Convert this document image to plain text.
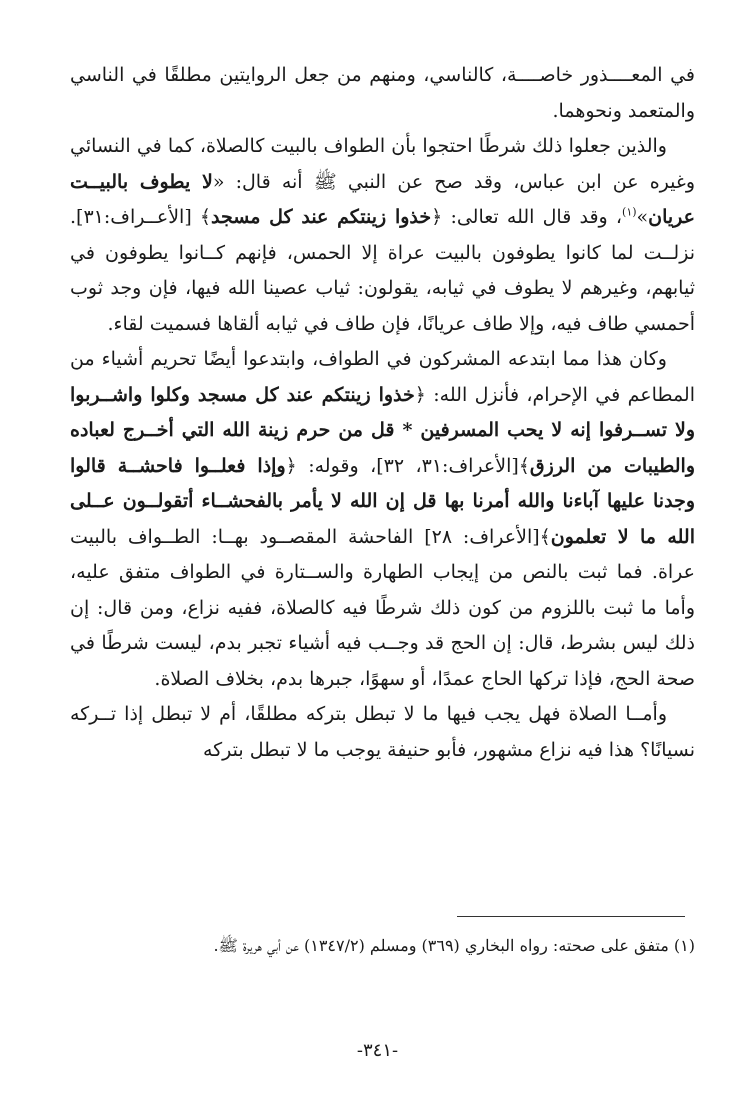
في المعــــذور خاصــــة، كالناسي، ومنهم من جعل الروايتين مطلقًا في الناسي والمتعمد ونحوهما.

والذين جعلوا ذلك شرطًا احتجوا بأن الطواف بالبيت كالصلاة، كما في النسائي وغيره عن ابن عباس، وقد صح عن النبي ﷺ أنه قال: «لا يطوف بالبيــت عريان»$^{(١)}$، وقد قال الله تعالى: ﴿خذوا زينتكم عند كل مسجد﴾ [الأعــراف:٣١]. نزلــت لما كانوا يطوفون بالبيت عراة إلا الحمس، فإنهم كــانوا يطوفون في ثيابهم، وغيرهم لا يطوف في ثيابه، يقولون: ثياب عصينا الله فيها، فإن وجد ثوب أحمسي طاف فيه، وإلا طاف عريانًا، فإن طاف في ثيابه ألقاها فسميت لقاء.

وكان هذا مما ابتدعه المشركون في الطواف، وابتدعوا أيضًا تحريم أشياء من المطاعم في الإحرام، فأنزل الله: ﴿خذوا زينتكم عند كل مسجد وكلوا واشــربوا ولا تســرفوا إنه لا يحب المسرفين * قل من حرم زينة الله التي أخــرج لعباده والطيبات من الرزق﴾[الأعراف:٣١، ٣٢]، وقوله: ﴿وإذا فعلــوا فاحشــة قالوا وجدنا عليها آباءنا والله أمرنا بها قل إن الله لا يأمر بالفحشــاء أتقولــون عــلى الله ما لا تعلمون﴾[الأعراف: ٢٨] الفاحشة المقصــود بهــا: الطــواف بالبيت عراة. فما ثبت بالنص من إيجاب الطهارة والســتارة في الطواف متفق عليه، وأما ما ثبت باللزوم من كون ذلك شرطًا فيه كالصلاة، ففيه نزاع، ومن قال: إن ذلك ليس بشرط، قال: إن الحج قد وجــب فيه أشياء تجبر بدم، ليست شرطًا في صحة الحج، فإذا تركها الحاج عمدًا، أو سهوًا، جبرها بدم، بخلاف الصلاة.

وأمــا الصلاة فهل يجب فيها ما لا تبطل بتركه مطلقًا، أم لا تبطل إذا تــركه نسيانًا؟ هذا فيه نزاع مشهور، فأبو حنيفة يوجب ما لا تبطل بتركه

(١) متفق على صحته: رواه البخاري (٣٦٩) ومسلم (١٣٤٧/٢) عن أبي هريرة ﷺ.
-٣٤١-
